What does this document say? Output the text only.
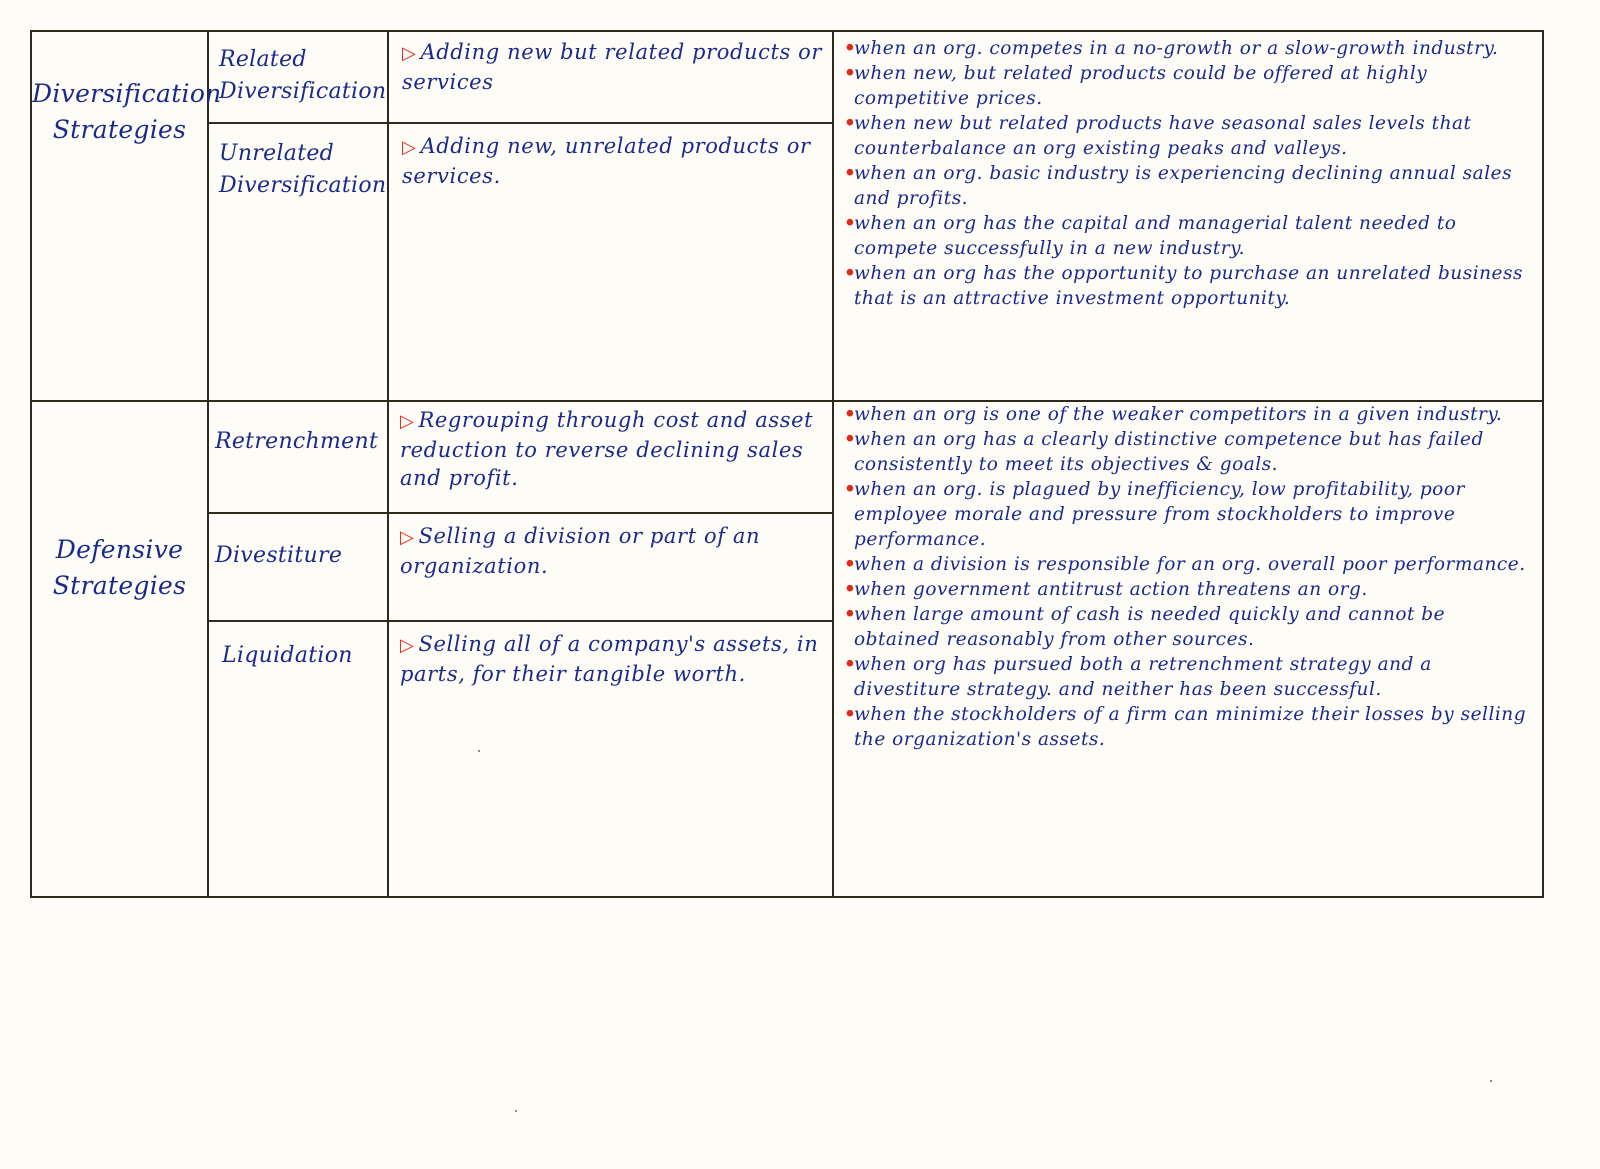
Diversification Strategies
Related Diversification
▷ Adding new but related products or services
Unrelated Diversification
▷ Adding new, unrelated products or services.
•
when an org. competes in a no-growth or a slow-growth industry.
•
when new, but related products could be offered at highly competitive prices.
•
when new but related products have seasonal sales levels that counterbalance an org existing peaks and valleys.
•
when an org. basic industry is experiencing declining annual sales and profits.
•
when an org has the capital and managerial talent needed to compete successfully in a new industry.
•
when an org has the opportunity to purchase an unrelated business that is an attractive investment opportunity.
Defensive Strategies
Retrenchment
▷ Regrouping through cost and asset reduction to reverse declining sales and profit.
Divestiture
▷ Selling a division or part of an organization.
Liquidation	▷ Selling all of a company's assets, in parts, for their tangible worth.
•
when an org is one of the weaker competitors in a given industry.
•
when an org has a clearly distinctive competence but has failed consistently to meet its objectives & goals.
•
when an org. is plagued by inefficiency, low profitability, poor employee morale and pressure from stockholders to improve performance.
•
when a division is responsible for an org. overall poor performance.
•
when government antitrust action threatens an org.
•
when large amount of cash is needed quickly and cannot be obtained reasonably from other sources.
•
when org has pursued both a retrenchment strategy and a divestiture strategy. and neither has been successful.
•
when the stockholders of a firm can minimize their losses by selling the organization's assets.
